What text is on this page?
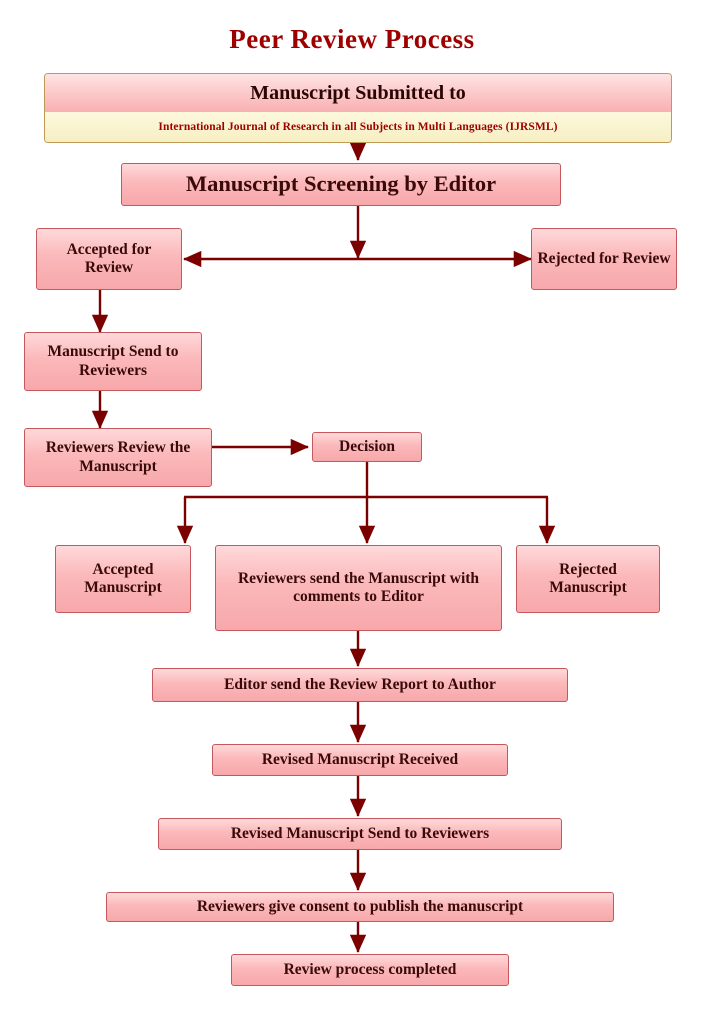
Peer Review Process
Manuscript Submitted to
International Journal of Research in all Subjects in Multi Languages (IJRSML)
Manuscript Screening by Editor
Accepted for Review
Rejected for Review
Manuscript Send to Reviewers
Reviewers Review the Manuscript
Decision
Accepted Manuscript
Reviewers send the Manuscript with comments to Editor
Rejected Manuscript
Editor send the Review Report to Author
Revised Manuscript Received
Revised Manuscript Send to Reviewers
Reviewers give consent to publish the manuscript
Review process completed
